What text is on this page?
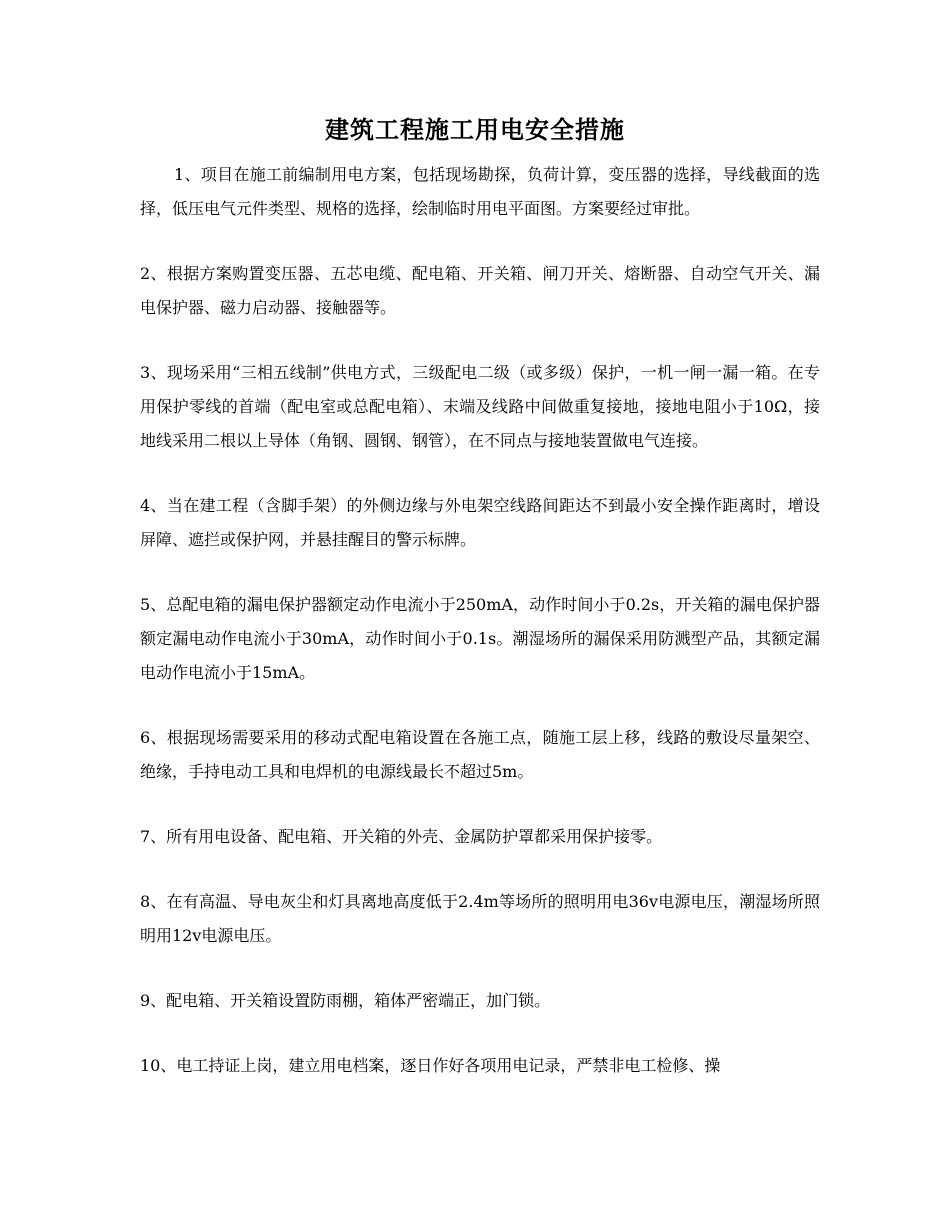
建筑工程施工用电安全措施

1、项目在施工前编制用电方案，包括现场勘探，负荷计算，变压器的选择，导线截面的选择，低压电气元件类型、规格的选择，绘制临时用电平面图。方案要经过审批。

2、根据方案购置变压器、五芯电缆、配电箱、开关箱、闸刀开关、熔断器、自动空气开关、漏电保护器、磁力启动器、接触器等。

3、现场采用“三相五线制”供电方式，三级配电二级（或多级）保护，一机一闸一漏一箱。在专用保护零线的首端（配电室或总配电箱）、末端及线路中间做重复接地，接地电阻小于10Ω，接地线采用二根以上导体（角钢、圆钢、钢管），在不同点与接地装置做电气连接。

4、当在建工程（含脚手架）的外侧边缘与外电架空线路间距达不到最小安全操作距离时，增设屏障、遮拦或保护网，并悬挂醒目的警示标牌。

5、总配电箱的漏电保护器额定动作电流小于250mA，动作时间小于0.2s，开关箱的漏电保护器额定漏电动作电流小于30mA，动作时间小于0.1s。潮湿场所的漏保采用防溅型产品，其额定漏电动作电流小于15mA。

6、根据现场需要采用的移动式配电箱设置在各施工点，随施工层上移，线路的敷设尽量架空、绝缘，手持电动工具和电焊机的电源线最长不超过5m。

7、所有用电设备、配电箱、开关箱的外壳、金属防护罩都采用保护接零。

8、在有高温、导电灰尘和灯具离地高度低于2.4m等场所的照明用电36v电源电压，潮湿场所照明用12v电源电压。

9、配电箱、开关箱设置防雨棚，箱体严密端正，加门锁。

10、电工持证上岗，建立用电档案，逐日作好各项用电记录，严禁非电工检修、操
